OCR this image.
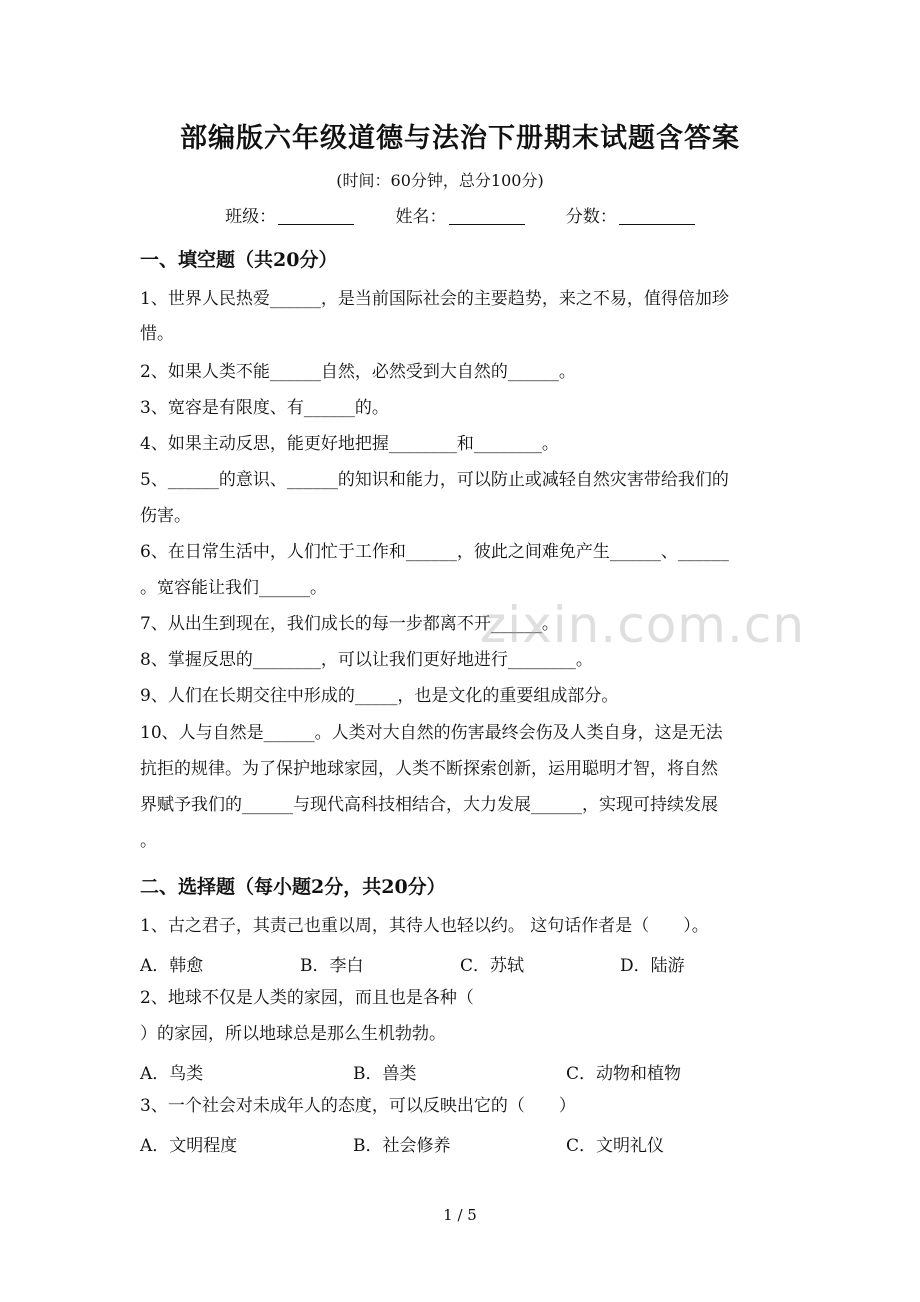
部编版六年级道德与法治下册期末试题含答案
(时间：60分钟，总分100分)
班级：	姓名：	分数：
一、填空题（共20分）
1、世界人民热爱______，是当前国际社会的主要趋势，来之不易，值得倍加珍
惜。
2、如果人类不能______自然，必然受到大自然的______。
3、宽容是有限度、有______的。
4、如果主动反思，能更好地把握________和________。
5、______的意识、______的知识和能力，可以防止或减轻自然灾害带给我们的
伤害。
6、在日常生活中，人们忙于工作和______，彼此之间难免产生______、______
。宽容能让我们______。
7、从出生到现在，我们成长的每一步都离不开______。
8、掌握反思的________，可以让我们更好地进行________。
9、人们在长期交往中形成的_____，也是文化的重要组成部分。
10、人与自然是______。人类对大自然的伤害最终会伤及人类自身，这是无法
抗拒的规律。为了保护地球家园，人类不断探索创新，运用聪明才智，将自然
界赋予我们的______与现代高科技相结合，大力发展______，实现可持续发展
。
zixin.com.cn
二、选择题（每小题2分，共20分）
1、古之君子，其责己也重以周，其待人也轻以约。 这句话作者是（　　）。
A．韩愈	B．李白	C．苏轼	D．陆游
2、地球不仅是人类的家园，而且也是各种（
）的家园，所以地球总是那么生机勃勃。
A．鸟类	B．兽类	C．动物和植物
3、一个社会对未成年人的态度，可以反映出它的（　　）
A．文明程度	B．社会修养	C．文明礼仪
1 / 5
